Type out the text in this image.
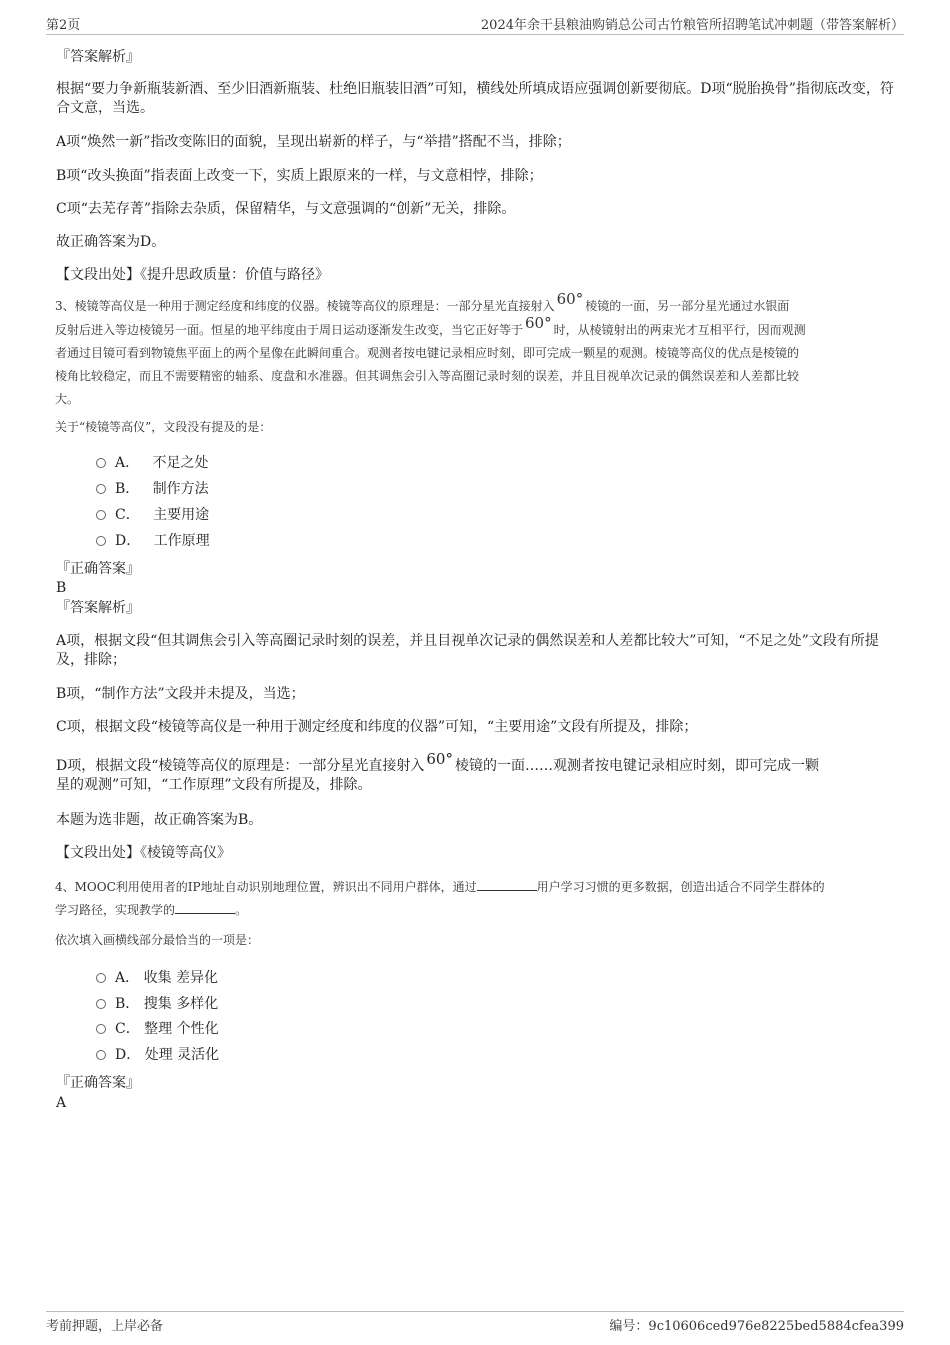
第2页	2024年余干县粮油购销总公司古竹粮管所招聘笔试冲刺题（带答案解析）
『答案解析』
根据“要力争新瓶装新酒、至少旧酒新瓶装、杜绝旧瓶装旧酒”可知，横线处所填成语应强调创新要彻底。D项“脱胎换骨”指彻底改变，符合文意，当选。
A项“焕然一新”指改变陈旧的面貌，呈现出崭新的样子，与“举措”搭配不当，排除；
B项“改头换面”指表面上改变一下，实质上跟原来的一样，与文意相悖，排除；
C项“去芜存菁”指除去杂质，保留精华，与文意强调的“创新”无关，排除。
故正确答案为D。
【文段出处】《提升思政质量：价值与路径》
3、棱镜等高仪是一种用于测定经度和纬度的仪器。棱镜等高仪的原理是：一部分星光直接射入 60° 棱镜的一面，另一部分星光通过水银面
反射后进入等边棱镜另一面。恒星的地平纬度由于周日运动逐渐发生改变，当它正好等于 60° 时，从棱镜射出的两束光才互相平行，因而观测
者通过目镜可看到物镜焦平面上的两个星像在此瞬间重合。观测者按电键记录相应时刻，即可完成一颗星的观测。棱镜等高仪的优点是棱镜的
棱角比较稳定，而且不需要精密的轴系、度盘和水准器。但其调焦会引入等高圈记录时刻的误差，并且目视单次记录的偶然误差和人差都比较
大。
关于“棱镜等高仪”，文段没有提及的是：
A． 不足之处
B． 制作方法
C． 主要用途
D． 工作原理
『正确答案』
B
『答案解析』
A项，根据文段“但其调焦会引入等高圈记录时刻的误差，并且目视单次记录的偶然误差和人差都比较大”可知，“不足之处”文段有所提及，排除；
B项，“制作方法”文段并未提及，当选；
C项，根据文段“棱镜等高仪是一种用于测定经度和纬度的仪器”可知，“主要用途”文段有所提及，排除；
D项，根据文段“棱镜等高仪的原理是：一部分星光直接射入 60° 棱镜的一面……观测者按电键记录相应时刻，即可完成一颗
星的观测”可知，“工作原理”文段有所提及，排除。
本题为选非题，故正确答案为B。
【文段出处】《棱镜等高仪》
4、MOOC利用使用者的IP地址自动识别地理位置，辨识出不同用户群体，通过	用户学习习惯的更多数据，创造出适合不同学生群体的
学习路径，实现教学的	。
依次填入画横线部分最恰当的一项是：
A． 收集 差异化
B． 搜集 多样化
C． 整理 个性化
D． 处理 灵活化
『正确答案』
A
考前押题，上岸必备	编号：9c10606ced976e8225bed5884cfea399
